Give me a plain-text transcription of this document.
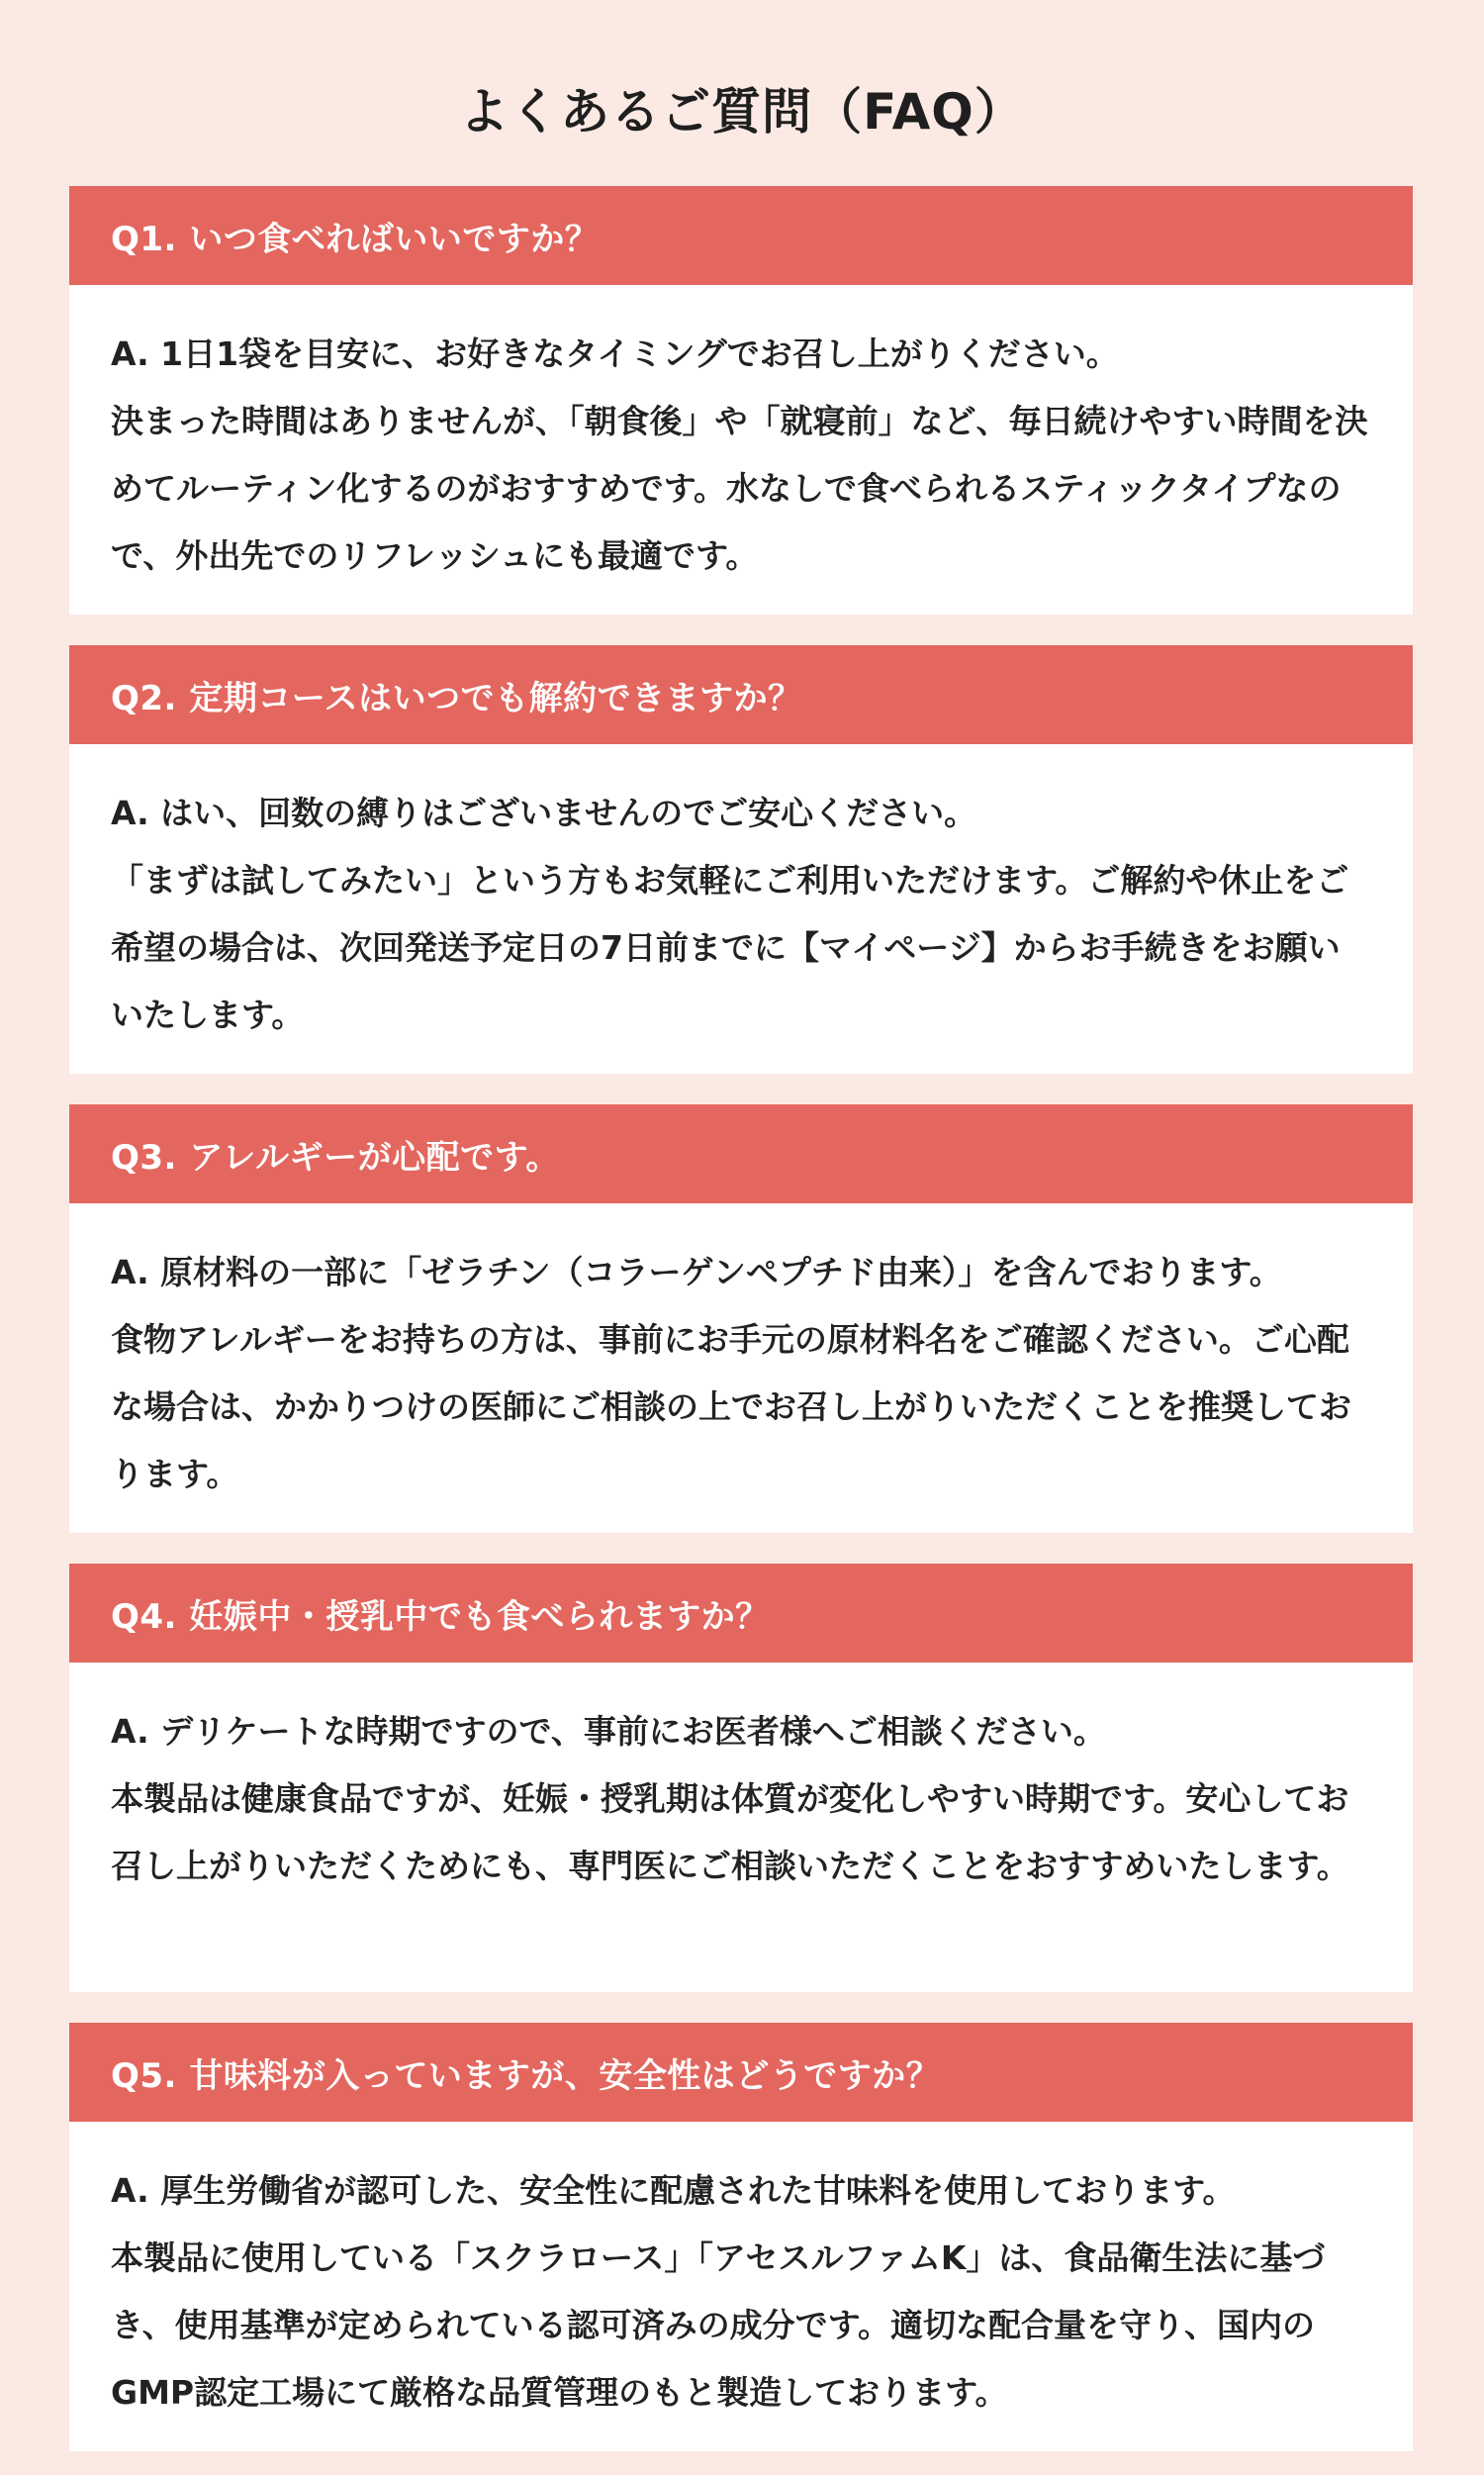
よくあるご質問（FAQ）
Q1. いつ食べればいいですか？

A. 1日1袋を目安に、お好きなタイミングでお召し上がりください。

決まった時間はありませんが、「朝食後」や「就寝前」など、毎日続けやすい時間を決めてルーティン化するのがおすすめです。水なしで食べられるスティックタイプなので、外出先でのリフレッシュにも最適です。

Q2. 定期コースはいつでも解約できますか？

A. はい、回数の縛りはございませんのでご安心ください。

「まずは試してみたい」という方もお気軽にご利用いただけます。ご解約や休止をご希望の場合は、次回発送予定日の7日前までに【マイページ】からお手続きをお願いいたします。

Q3. アレルギーが心配です。

A. 原材料の一部に「ゼラチン（コラーゲンペプチド由来）」を含んでおります。

食物アレルギーをお持ちの方は、事前にお手元の原材料名をご確認ください。ご心配な場合は、かかりつけの医師にご相談の上でお召し上がりいただくことを推奨しております。

Q4. 妊娠中・授乳中でも食べられますか？

A. デリケートな時期ですので、事前にお医者様へご相談ください。

本製品は健康食品ですが、妊娠・授乳期は体質が変化しやすい時期です。安心してお召し上がりいただくためにも、専門医にご相談いただくことをおすすめいたします。

Q5. 甘味料が入っていますが、安全性はどうですか？

A. 厚生労働省が認可した、安全性に配慮された甘味料を使用しております。

本製品に使用している「スクラロース」「アセスルファムK」は、食品衛生法に基づき、使用基準が定められている認可済みの成分です。適切な配合量を守り、国内のGMP認定工場にて厳格な品質管理のもと製造しております。
